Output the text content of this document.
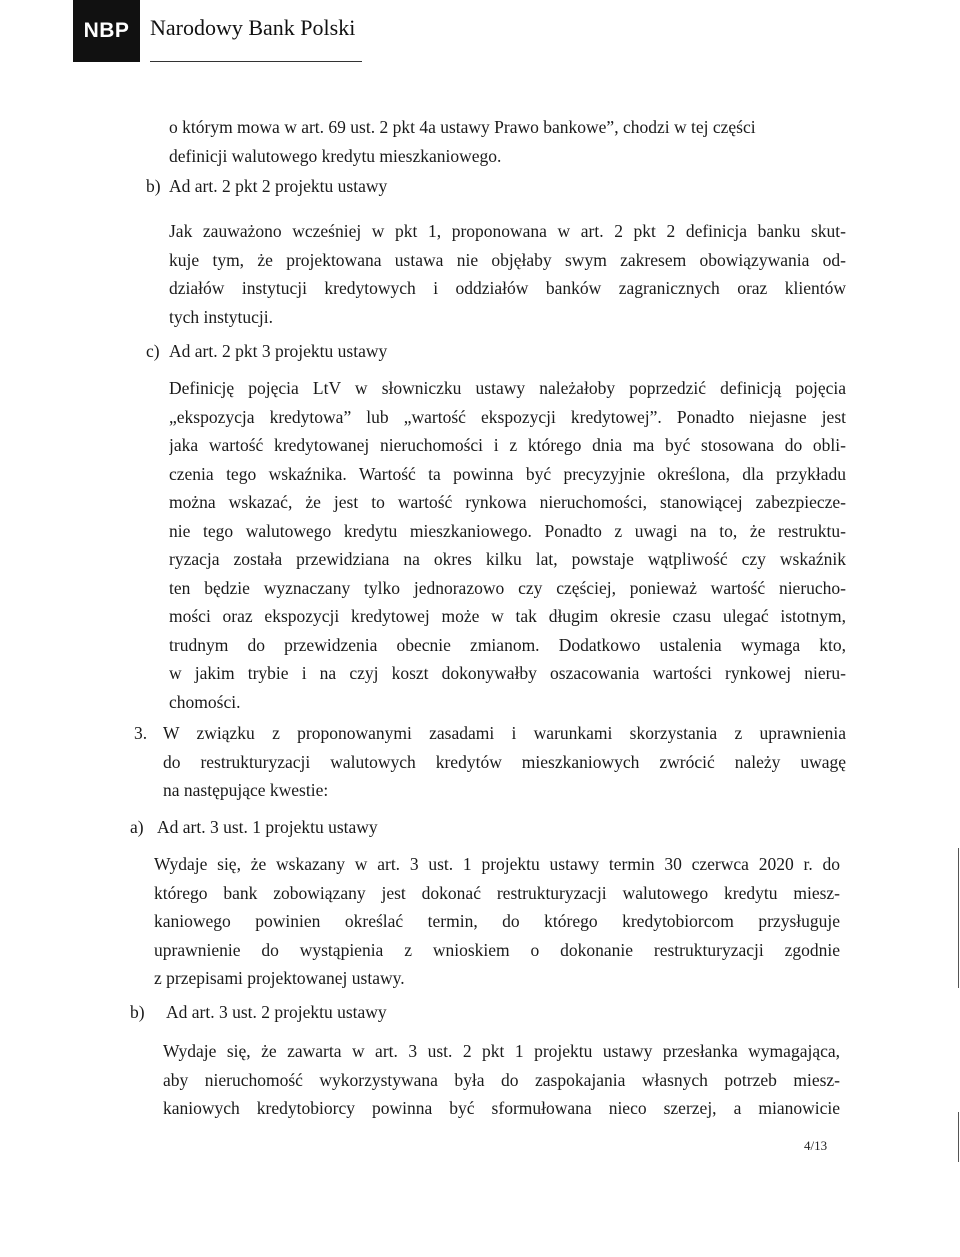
NBP Narodowy Bank Polski
o którym mowa w art. 69 ust. 2 pkt 4a ustawy Prawo bankowe”, chodzi w tej części
definicji walutowego kredytu mieszkaniowego.
b) Ad art. 2 pkt 2 projektu ustawy
Jak zauważono wcześniej w pkt 1, proponowana w art. 2 pkt 2 definicja banku skut-
kuje tym, że projektowana ustawa nie objęłaby swym zakresem obowiązywania od-
działów instytucji kredytowych i oddziałów banków zagranicznych oraz klientów
tych instytucji.
c) Ad art. 2 pkt 3 projektu ustawy
Definicję pojęcia LtV w słowniczku ustawy należałoby poprzedzić definicją pojęcia
„ekspozycja kredytowa” lub „wartość ekspozycji kredytowej”. Ponadto niejasne jest
jaka wartość kredytowanej nieruchomości i z którego dnia ma być stosowana do obli-
czenia tego wskaźnika. Wartość ta powinna być precyzyjnie określona, dla przykładu
można wskazać, że jest to wartość rynkowa nieruchomości, stanowiącej zabezpiecze-
nie tego walutowego kredytu mieszkaniowego. Ponadto z uwagi na to, że restruktu-
ryzacja została przewidziana na okres kilku lat, powstaje wątpliwość czy wskaźnik
ten będzie wyznaczany tylko jednorazowo czy częściej, ponieważ wartość nierucho-
mości oraz ekspozycji kredytowej może w tak długim okresie czasu ulegać istotnym,
trudnym do przewidzenia obecnie zmianom. Dodatkowo ustalenia wymaga kto,
w jakim trybie i na czyj koszt dokonywałby oszacowania wartości rynkowej nieru-
chomości.
3. W związku z proponowanymi zasadami i warunkami skorzystania z uprawnienia
do restrukturyzacji walutowych kredytów mieszkaniowych zwrócić należy uwagę
na następujące kwestie:
a) Ad art. 3 ust. 1 projektu ustawy
Wydaje się, że wskazany w art. 3 ust. 1 projektu ustawy termin 30 czerwca 2020 r. do
którego bank zobowiązany jest dokonać restrukturyzacji walutowego kredytu miesz-
kaniowego powinien określać termin, do którego kredytobiorcom przysługuje
uprawnienie do wystąpienia z wnioskiem o dokonanie restrukturyzacji zgodnie
z przepisami projektowanej ustawy.
b) Ad art. 3 ust. 2 projektu ustawy
Wydaje się, że zawarta w art. 3 ust. 2 pkt 1 projektu ustawy przesłanka wymagająca,
aby nieruchomość wykorzystywana była do zaspokajania własnych potrzeb miesz-
kaniowych kredytobiorcy powinna być sformułowana nieco szerzej, a mianowicie
4/13
